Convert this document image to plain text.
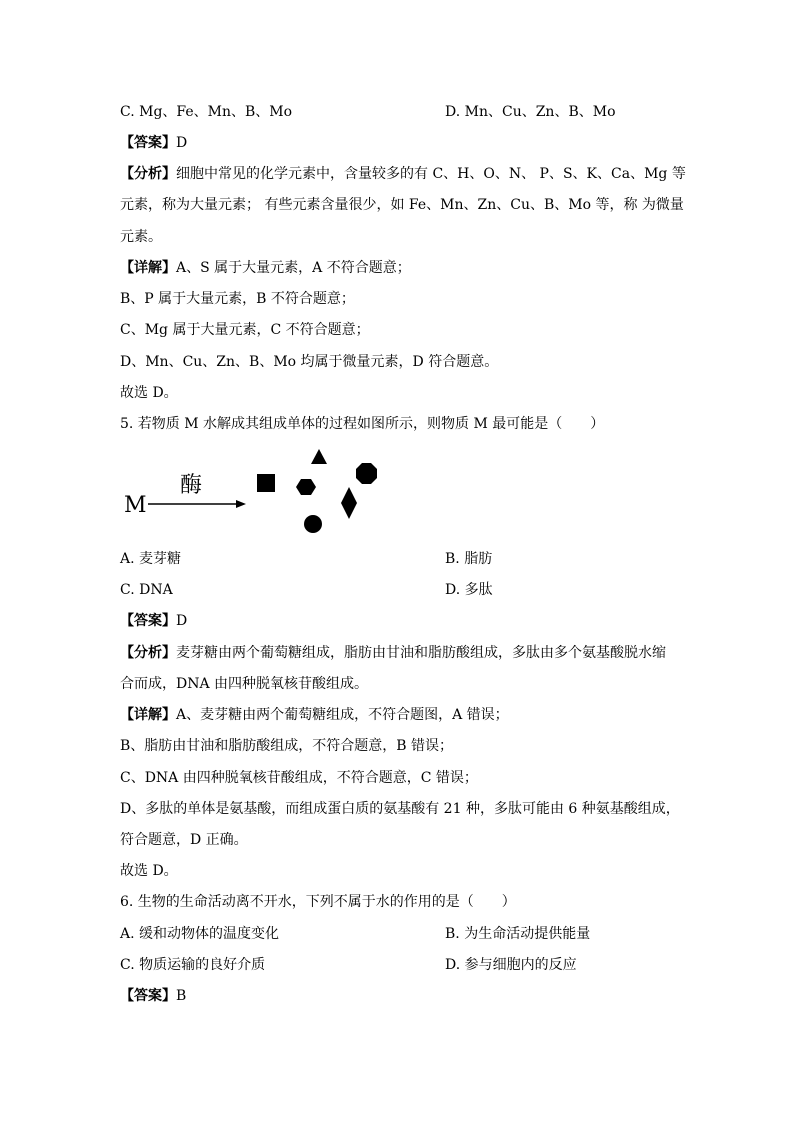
C. Mg、Fe、Mn、B、Mo	D. Mn、Cu、Zn、B、Mo
【答案】D
【分析】细胞中常见的化学元素中，含量较多的有 C、H、O、N、 P、S、K、Ca、Mg 等
元素，称为大量元素； 有些元素含量很少，如 Fe、Mn、Zn、Cu、B、Mo 等，称 为微量
元素。
【详解】A、S 属于大量元素，A 不符合题意；
B、P 属于大量元素，B 不符合题意；
C、Mg 属于大量元素，C 不符合题意；
D、Mn、Cu、Zn、B、Mo 均属于微量元素，D 符合题意。
故选 D。
5. 若物质 M 水解成其组成单体的过程如图所示，则物质 M 最可能是（　　）
M
酶
A. 麦芽糖	B. 脂肪
C. DNA	D. 多肽
【答案】D
【分析】麦芽糖由两个葡萄糖组成，脂肪由甘油和脂肪酸组成，多肽由多个氨基酸脱水缩
合而成，DNA 由四种脱氧核苷酸组成。
【详解】A、麦芽糖由两个葡萄糖组成，不符合题图，A 错误；
B、脂肪由甘油和脂肪酸组成，不符合题意，B 错误；
C、DNA 由四种脱氧核苷酸组成，不符合题意，C 错误；
D、多肽的单体是氨基酸，而组成蛋白质的氨基酸有 21 种，多肽可能由 6 种氨基酸组成，
符合题意，D 正确。
故选 D。
6. 生物的生命活动离不开水，下列不属于水的作用的是（　　）
A. 缓和动物体的温度变化	B. 为生命活动提供能量
C. 物质运输的良好介质	D. 参与细胞内的反应
【答案】B
